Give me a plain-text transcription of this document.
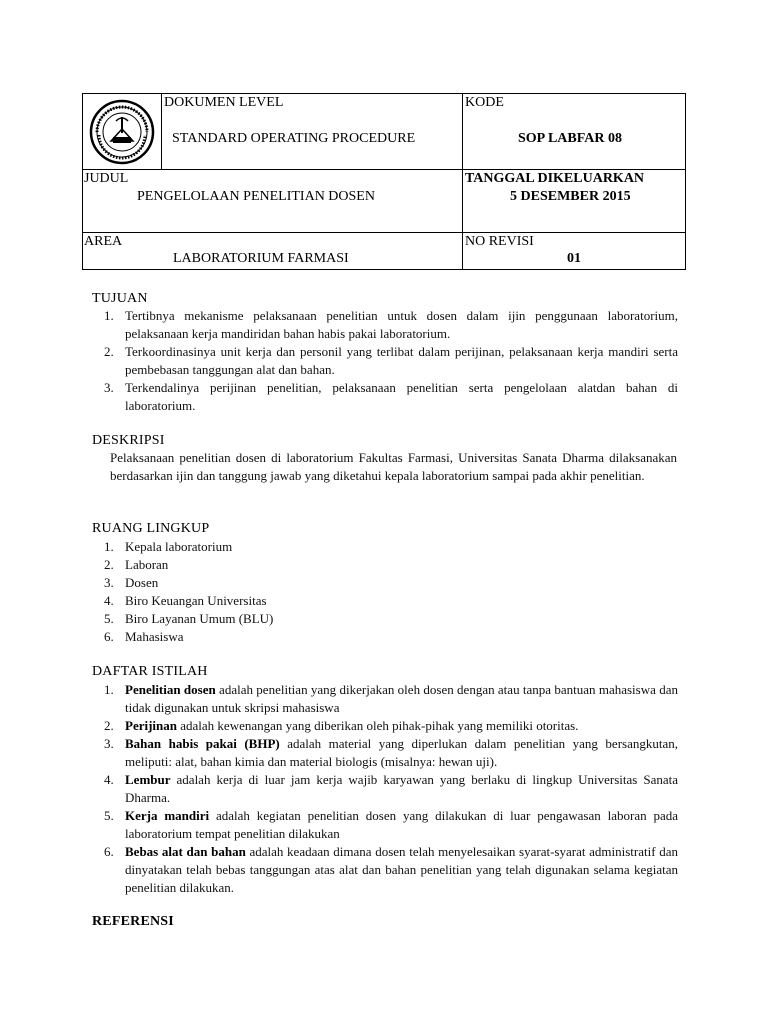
DOKUMEN LEVEL
STANDARD OPERATING PROCEDURE
KODE
SOP LABFAR 08
JUDUL
PENGELOLAAN PENELITIAN DOSEN
TANGGAL DIKELUARKAN
5 DESEMBER 2015
AREA
LABORATORIUM FARMASI
NO REVISI
01
TUJUAN
1. Tertibnya mekanisme pelaksanaan penelitian untuk dosen dalam ijin penggunaan laboratorium, pelaksanaan kerja mandiridan bahan habis pakai laboratorium.
2. Terkoordinasinya unit kerja dan personil yang terlibat dalam perijinan, pelaksanaan kerja mandiri serta pembebasan tanggungan alat dan bahan.
3. Terkendalinya perijinan penelitian, pelaksanaan penelitian serta pengelolaan alatdan bahan di laboratorium.
DESKRIPSI
Pelaksanaan penelitian dosen di laboratorium Fakultas Farmasi, Universitas Sanata Dharma dilaksanakan berdasarkan ijin dan tanggung jawab yang diketahui kepala laboratorium sampai pada akhir penelitian.
RUANG LINGKUP
1. Kepala laboratorium
2. Laboran
3. Dosen
4. Biro Keuangan Universitas
5. Biro Layanan Umum (BLU)
6. Mahasiswa
DAFTAR ISTILAH
1. Penelitian dosen adalah penelitian yang dikerjakan oleh dosen dengan atau tanpa bantuan mahasiswa dan tidak digunakan untuk skripsi mahasiswa
2. Perijinan adalah kewenangan yang diberikan oleh pihak-pihak yang memiliki otoritas.
3. Bahan habis pakai (BHP) adalah material yang diperlukan dalam penelitian yang bersangkutan, meliputi: alat, bahan kimia dan material biologis (misalnya: hewan uji).
4. Lembur adalah kerja di luar jam kerja wajib karyawan yang berlaku di lingkup Universitas Sanata Dharma.
5. Kerja mandiri adalah kegiatan penelitian dosen yang dilakukan di luar pengawasan laboran pada laboratorium tempat penelitian dilakukan
6. Bebas alat dan bahan adalah keadaan dimana dosen telah menyelesaikan syarat-syarat administratif dan dinyatakan telah bebas tanggungan atas alat dan bahan penelitian yang telah digunakan selama kegiatan penelitian dilakukan.
REFERENSI
